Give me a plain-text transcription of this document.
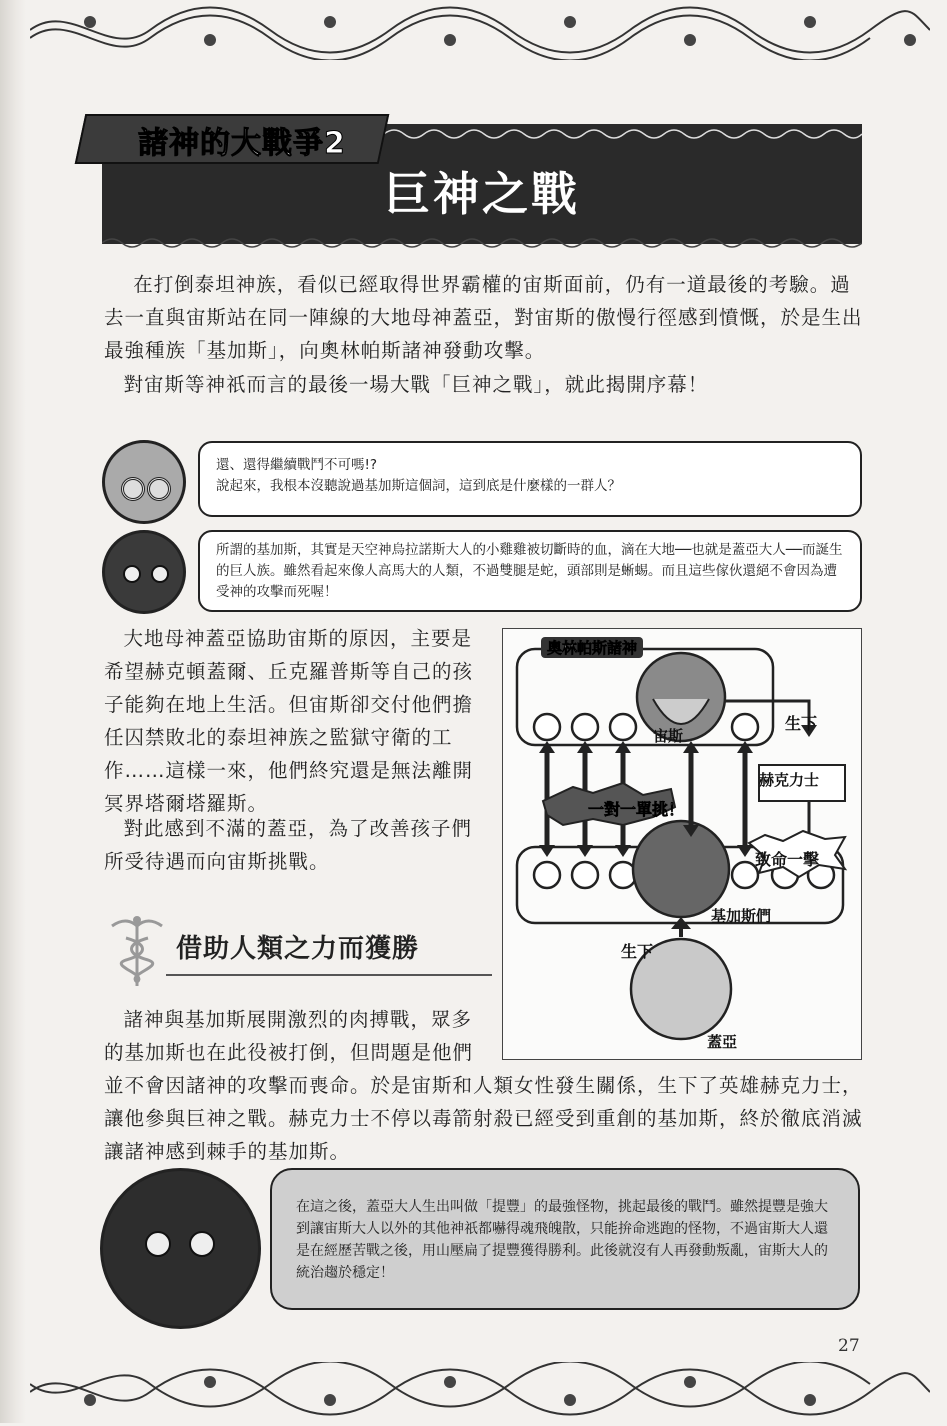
諸神的大戰爭2
巨神之戰
在打倒泰坦神族，看似已經取得世界霸權的宙斯面前，仍有一道最後的考驗。過去一直與宙斯站在同一陣線的大地母神蓋亞，對宙斯的傲慢行徑感到憤慨，於是生出最強種族「基加斯」，向奧林帕斯諸神發動攻擊。
對宙斯等神祇而言的最後一場大戰「巨神之戰」，就此揭開序幕！
還、還得繼續戰鬥不可嗎!?
說起來，我根本沒聽說過基加斯這個詞，這到底是什麼樣的一群人？
所謂的基加斯，其實是天空神烏拉諾斯大人的小雞雞被切斷時的血，滴在大地──也就是蓋亞大人──而誕生的巨人族。雖然看起來像人高馬大的人類，不過雙腿是蛇，頭部則是蜥蜴。而且這些傢伙還絕不會因為遭受神的攻擊而死喔！
大地母神蓋亞協助宙斯的原因，主要是希望赫克頓蓋爾、丘克羅普斯等自己的孩子能夠在地上生活。但宙斯卻交付他們擔任囚禁敗北的泰坦神族之監獄守衛的工作……這樣一來，他們終究還是無法離開冥界塔爾塔羅斯。
對此感到不滿的蓋亞，為了改善孩子們所受待遇而向宙斯挑戰。
借助人類之力而獲勝
諸神與基加斯展開激烈的肉搏戰，眾多的基加斯也在此役被打倒，但問題是他們
並不會因諸神的攻擊而喪命。於是宙斯和人類女性發生關係，生下了英雄赫克力士，讓他參與巨神之戰。赫克力士不停以毒箭射殺已經受到重創的基加斯，終於徹底消滅讓諸神感到棘手的基加斯。
奧林帕斯諸神
宙斯
生下
赫克力士
一對一單挑！
致命一擊
基加斯們
生下
蓋亞
在這之後，蓋亞大人生出叫做「提豐」的最強怪物，挑起最後的戰鬥。雖然提豐是強大到讓宙斯大人以外的其他神祇都嚇得魂飛魄散，只能拚命逃跑的怪物，不過宙斯大人還是在經歷苦戰之後，用山壓扁了提豐獲得勝利。此後就沒有人再發動叛亂，宙斯大人的統治趨於穩定！
27
